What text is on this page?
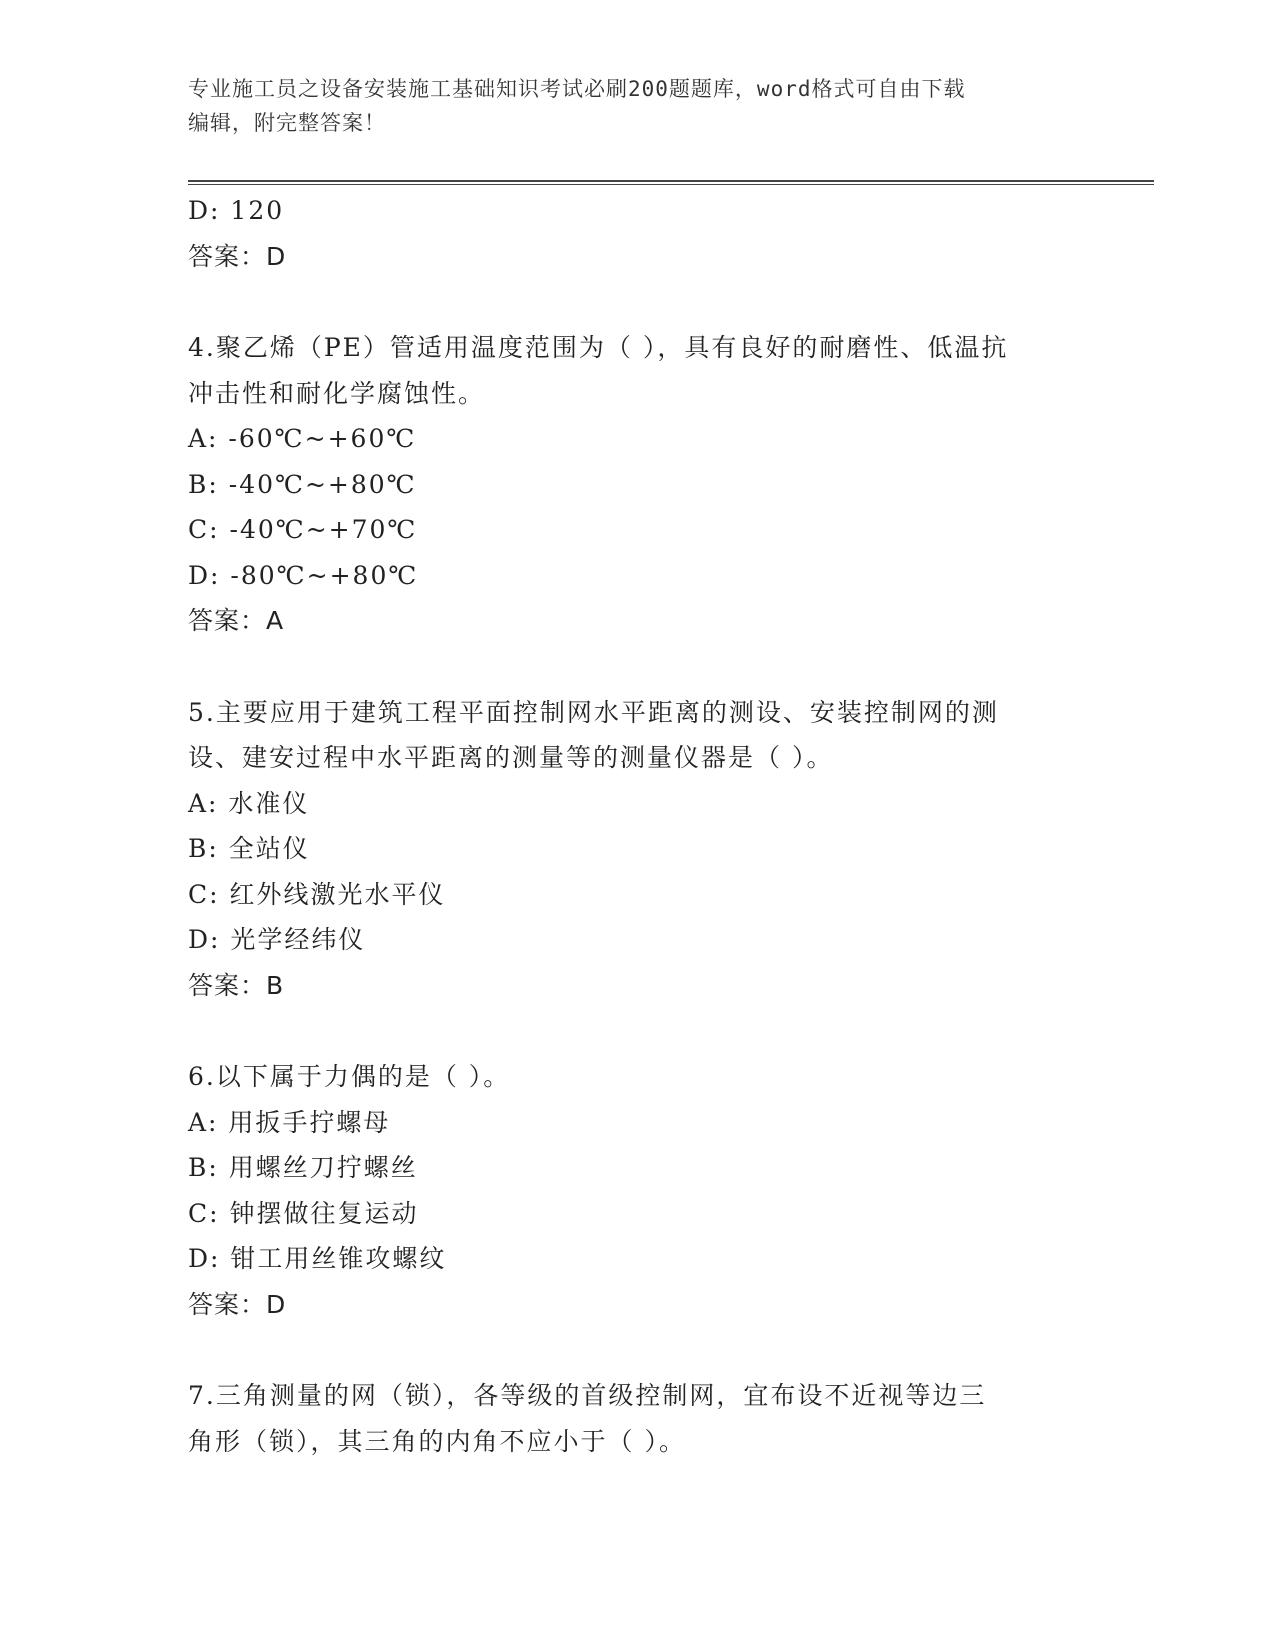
专业施工员之设备安装施工基础知识考试必刷200题题库，word格式可自由下载
编辑，附完整答案！
D: 120
答案：D
4.聚乙烯（PE）管适用温度范围为（ ），具有良好的耐磨性、低温抗
冲击性和耐化学腐蚀性。
A: -60℃~+60℃
B: -40℃~+80℃
C: -40℃~+70℃
D: -80℃~+80℃
答案：A
5.主要应用于建筑工程平面控制网水平距离的测设、安装控制网的测
设、建安过程中水平距离的测量等的测量仪器是（ ）。
A: 水准仪
B: 全站仪
C: 红外线激光水平仪
D: 光学经纬仪
答案：B
6.以下属于力偶的是（ ）。
A: 用扳手拧螺母
B: 用螺丝刀拧螺丝
C: 钟摆做往复运动
D: 钳工用丝锥攻螺纹
答案：D
7.三角测量的网（锁），各等级的首级控制网，宜布设不近视等边三
角形（锁），其三角的内角不应小于（ ）。
